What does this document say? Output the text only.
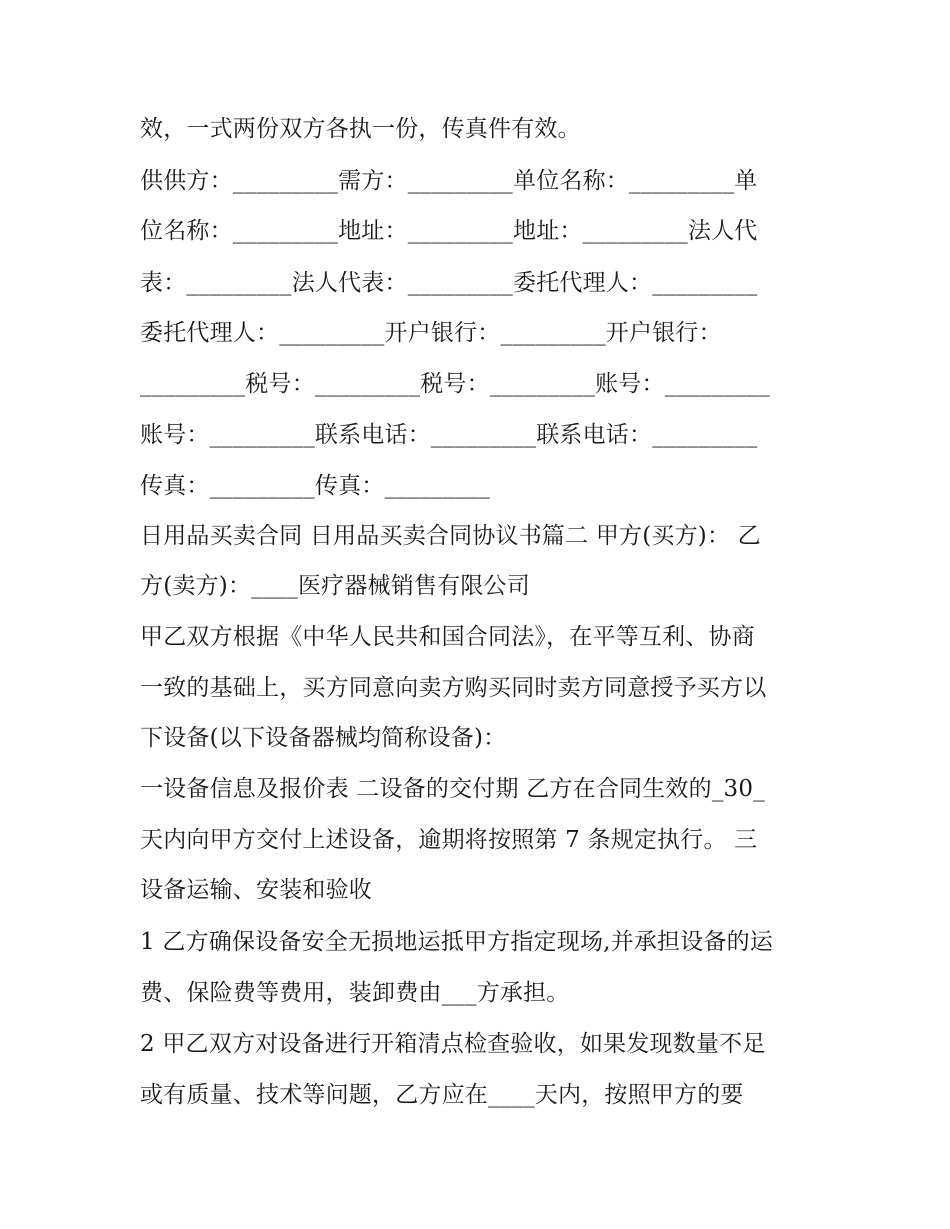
效，一式两份双方各执一份，传真件有效。
供供方：_________需方：_________单位名称：_________单
位名称：_________地址：_________地址：_________法人代
表：_________法人代表：_________委托代理人：_________
委托代理人：_________开户银行：_________开户银行：
_________税号：_________税号：_________账号：_________
账号：_________联系电话：_________联系电话：_________
传真：_________传真：_________
日用品买卖合同 日用品买卖合同协议书篇二 甲方(买方)： 乙
方(卖方)：____医疗器械销售有限公司
甲乙双方根据《中华人民共和国合同法》，在平等互利、协商
一致的基础上，买方同意向卖方购买同时卖方同意授予买方以
下设备(以下设备器械均简称设备)：
一设备信息及报价表 二设备的交付期 乙方在合同生效的_30_
天内向甲方交付上述设备，逾期将按照第 7 条规定执行。 三
设备运输、安装和验收
1 乙方确保设备安全无损地运抵甲方指定现场,并承担设备的运
费、保险费等费用，装卸费由___方承担。
2 甲乙双方对设备进行开箱清点检查验收，如果发现数量不足
或有质量、技术等问题，乙方应在____天内，按照甲方的要
